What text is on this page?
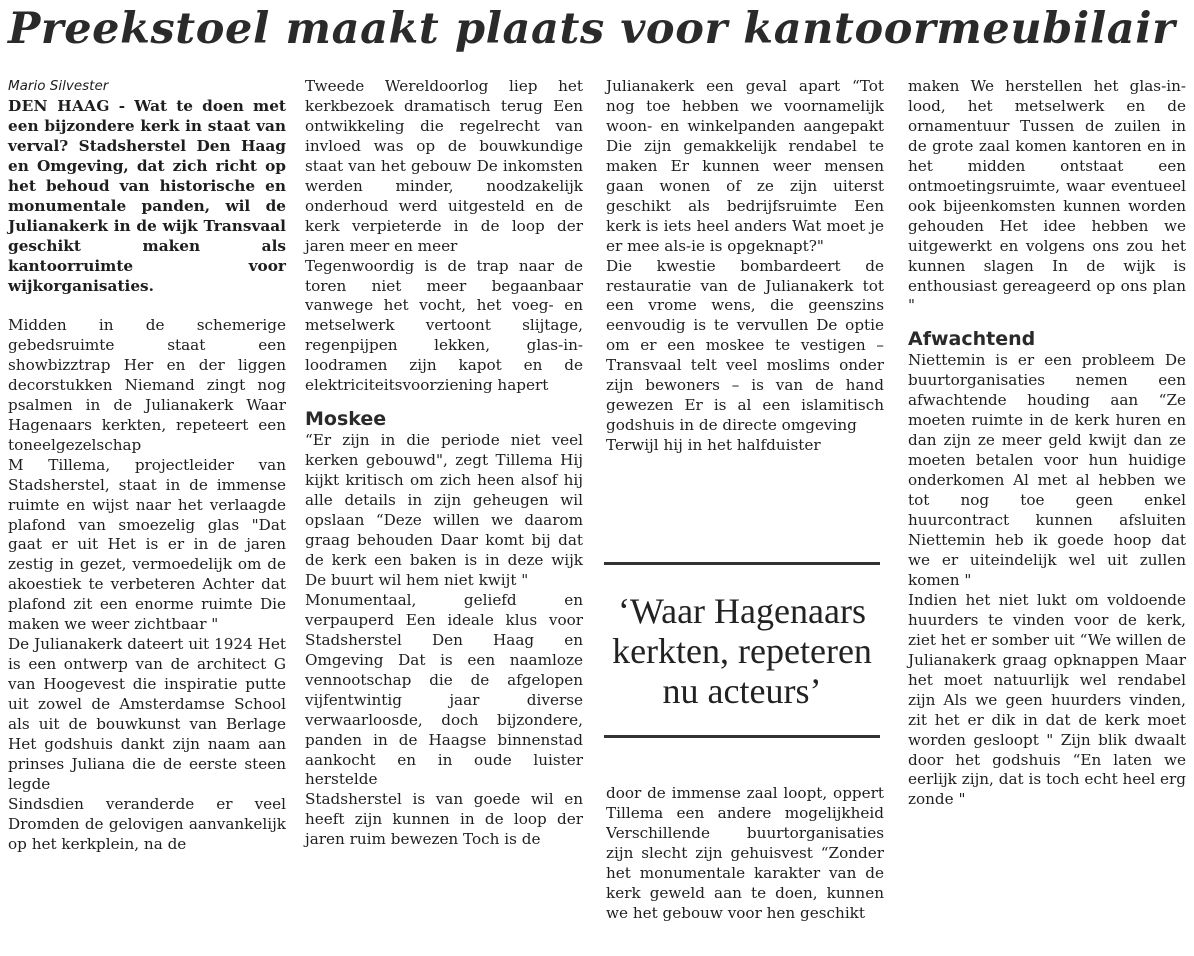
Preekstoel maakt plaats voor kantoormeubilair

Mario Silvester

DEN HAAG - Wat te doen met een bijzondere kerk in staat van verval? Stadsherstel Den Haag en Omgeving, dat zich richt op het behoud van historische en monumentale panden, wil de Julianakerk in de wijk Transvaal geschikt maken als kantoorruimte voor wijkorganisaties.

Midden in de schemerige gebedsruimte staat een showbizztrap Her en der liggen decorstukken Niemand zingt nog psalmen in de Julianakerk Waar Hagenaars kerkten, repeteert een toneelgezelschap

M Tillema, projectleider van Stadsherstel, staat in de immense ruimte en wijst naar het verlaagde plafond van smoezelig glas "Dat gaat er uit Het is er in de jaren zestig in gezet, vermoedelijk om de akoestiek te verbeteren Achter dat plafond zit een enorme ruimte Die maken we weer zichtbaar "

De Julianakerk dateert uit 1924 Het is een ontwerp van de architect G van Hoogevest die inspiratie putte uit zowel de Amsterdamse School als uit de bouwkunst van Berlage Het godshuis dankt zijn naam aan prinses Juliana die de eerste steen legde

Sindsdien veranderde er veel Dromden de gelovigen aanvankelijk op het kerkplein, na de

Tweede Wereldoorlog liep het kerkbezoek dramatisch terug Een ontwikkeling die regelrecht van invloed was op de bouwkundige staat van het gebouw De inkomsten werden minder, noodzakelijk onderhoud werd uitgesteld en de kerk verpieterde in de loop der jaren meer en meer

Tegenwoordig is de trap naar de toren niet meer begaanbaar vanwege het vocht, het voeg- en metselwerk vertoont slijtage, regenpijpen lekken, glas-in-loodramen zijn kapot en de elektriciteitsvoorziening hapert

Moskee

“Er zijn in die periode niet veel kerken gebouwd", zegt Tillema Hij kijkt kritisch om zich heen alsof hij alle details in zijn geheugen wil opslaan “Deze willen we daarom graag behouden Daar komt bij dat de kerk een baken is in deze wijk De buurt wil hem niet kwijt "

Monumentaal, geliefd en verpauperd Een ideale klus voor Stadsherstel Den Haag en Omgeving Dat is een naamloze vennootschap die de afgelopen vijfentwintig jaar diverse verwaarloosde, doch bijzondere, panden in de Haagse binnenstad aankocht en in oude luister herstelde

Stadsherstel is van goede wil en heeft zijn kunnen in de loop der jaren ruim bewezen Toch is de

Julianakerk een geval apart “Tot nog toe hebben we voornamelijk woon- en winkelpanden aangepakt Die zijn gemakkelijk rendabel te maken Er kunnen weer mensen gaan wonen of ze zijn uiterst geschikt als bedrijfsruimte Een kerk is iets heel anders Wat moet je er mee als-ie is opgeknapt?"

Die kwestie bombardeert de restauratie van de Julianakerk tot een vrome wens, die geenszins eenvoudig is te vervullen De optie om er een moskee te vestigen – Transvaal telt veel moslims onder zijn bewoners – is van de hand gewezen Er is al een islamitisch godshuis in de directe omgeving

Terwijl hij in het halfduister

‘Waar Hagenaars kerkten, repeteren nu acteurs’

door de immense zaal loopt, oppert Tillema een andere mogelijkheid Verschillende buurtorganisaties zijn slecht zijn gehuisvest “Zonder het monumentale karakter van de kerk geweld aan te doen, kunnen we het gebouw voor hen geschikt

maken We herstellen het glas-in-lood, het metselwerk en de ornamentuur Tussen de zuilen in de grote zaal komen kantoren en in het midden ontstaat een ontmoetingsruimte, waar eventueel ook bijeenkomsten kunnen worden gehouden Het idee hebben we uitgewerkt en volgens ons zou het kunnen slagen In de wijk is enthousiast gereageerd op ons plan "

Afwachtend

Niettemin is er een probleem De buurtorganisaties nemen een afwachtende houding aan “Ze moeten ruimte in de kerk huren en dan zijn ze meer geld kwijt dan ze moeten betalen voor hun huidige onderkomen Al met al hebben we tot nog toe geen enkel huurcontract kunnen afsluiten Niettemin heb ik goede hoop dat we er uiteindelijk wel uit zullen komen "

Indien het niet lukt om voldoende huurders te vinden voor de kerk, ziet het er somber uit “We willen de Julianakerk graag opknappen Maar het moet natuurlijk wel rendabel zijn Als we geen huurders vinden, zit het er dik in dat de kerk moet worden gesloopt " Zijn blik dwaalt door het godshuis “En laten we eerlijk zijn, dat is toch echt heel erg zonde "
